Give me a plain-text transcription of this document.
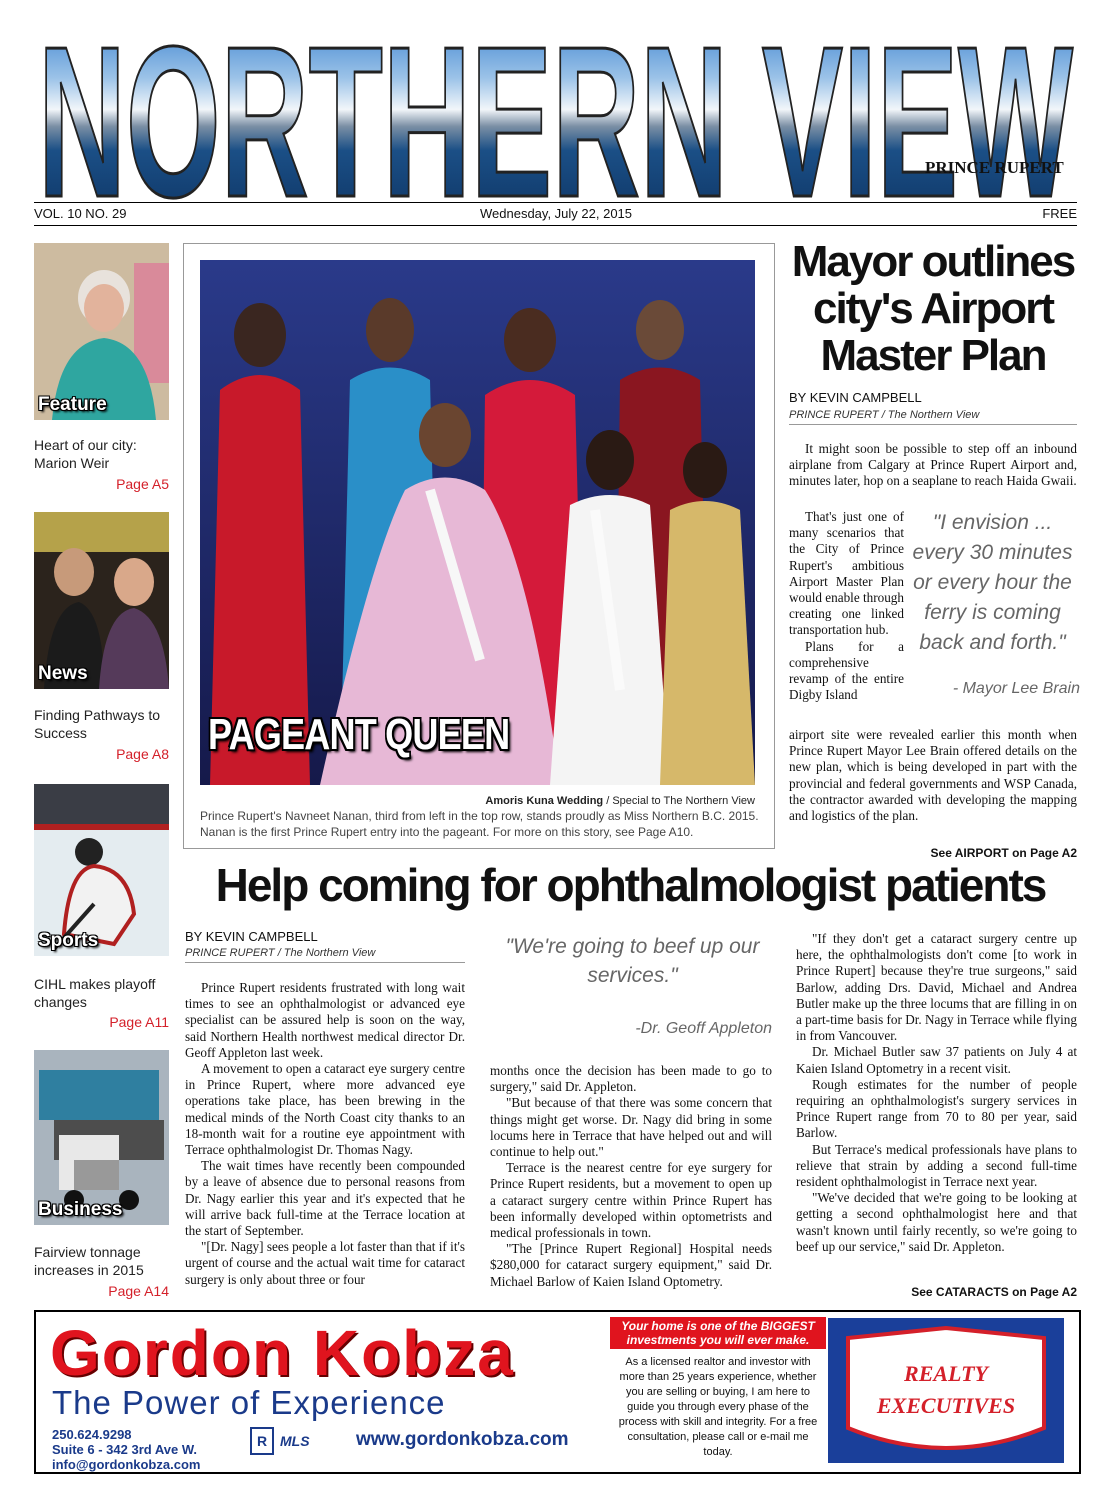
NORTHERN VIEW
PRINCE RUPERT
VOL. 10 NO. 29	Wednesday, July 22, 2015	FREE
Feature
Heart of our city: Marion Weir
Page A5
News
Finding Pathways to Success
Page A8
Sports
CIHL makes playoff changes
Page A11
Business
Fairview tonnage increases in 2015
Page A14
PAGEANT QUEEN
Amoris Kuna Wedding / Special to The Northern View
Prince Rupert's Navneet Nanan, third from left in the top row, stands proudly as Miss Northern B.C. 2015. Nanan is the first Prince Rupert entry into the pageant. For more on this story, see Page A10.
Mayor outlines city's Airport Master Plan
BY KEVIN CAMPBELL
PRINCE RUPERT / The Northern View

It might soon be possible to step off an inbound airplane from Calgary at Prince Rupert Airport and, minutes later, hop on a seaplane to reach Haida Gwaii.

That's just one of many scenarios that the City of Prince Rupert's ambitious Airport Master Plan would enable through creating one linked transportation hub.

Plans for a comprehensive revamp of the entire Digby Island

"I envision ... every 30 minutes or every hour the ferry is coming back and forth."
- Mayor Lee Brain

airport site were revealed earlier this month when Prince Rupert Mayor Lee Brain offered details on the new plan, which is being developed in part with the provincial and federal governments and WSP Canada, the contractor awarded with developing the mapping and logistics of the plan.

See AIRPORT on Page A2
Help coming for ophthalmologist patients
BY KEVIN CAMPBELL
PRINCE RUPERT / The Northern View

Prince Rupert residents frustrated with long wait times to see an ophthalmologist or advanced eye specialist can be assured help is soon on the way, said Northern Health northwest medical director Dr. Geoff Appleton last week.

A movement to open a cataract eye surgery centre in Prince Rupert, where more advanced eye operations take place, has been brewing in the medical minds of the North Coast city thanks to an 18-month wait for a routine eye appointment with Terrace ophthalmologist Dr. Thomas Nagy.

The wait times have recently been compounded by a leave of absence due to personal reasons from Dr. Nagy earlier this year and it's expected that he will arrive back full-time at the Terrace location at the start of September.

"[Dr. Nagy] sees people a lot faster than that if it's urgent of course and the actual wait time for cataract surgery is only about three or four

"We're going to beef up our services."
-Dr. Geoff Appleton

months once the decision has been made to go to surgery," said Dr. Appleton.

"But because of that there was some concern that things might get worse. Dr. Nagy did bring in some locums here in Terrace that have helped out and will continue to help out."

Terrace is the nearest centre for eye surgery for Prince Rupert residents, but a movement to open up a cataract surgery centre within Prince Rupert has been informally developed within optometrists and medical professionals in town.

"The [Prince Rupert Regional] Hospital needs $280,000 for cataract surgery equipment," said Dr. Michael Barlow of Kaien Island Optometry.

"If they don't get a cataract surgery centre up here, the ophthalmologists don't come [to work in Prince Rupert] because they're true surgeons," said Barlow, adding Drs. David, Michael and Andrea Butler make up the three locums that are filling in on a part-time basis for Dr. Nagy in Terrace while flying in from Vancouver.

Dr. Michael Butler saw 37 patients on July 4 at Kaien Island Optometry in a recent visit.

Rough estimates for the number of people requiring an ophthalmologist's surgery services in Prince Rupert range from 70 to 80 per year, said Barlow.

But Terrace's medical professionals have plans to relieve that strain by adding a second full-time resident ophthalmologist in Terrace next year.

"We've decided that we're going to be looking at getting a second ophthalmologist here and that wasn't known until fairly recently, so we're going to beef up our service," said Dr. Appleton.

See CATARACTS on Page A2
Gordon Kobza
The Power of Experience
250.624.9298
Suite 6 - 342 3rd Ave W.
info@gordonkobza.com
R MLS www.gordonkobza.com
Your home is one of the BIGGEST investments you will ever make.
As a licensed realtor and investor with more than 25 years experience, whether you are selling or buying, I am here to guide you through every phase of the process with skill and integrity. For a free consultation, please call or e-mail me today.
REALTY
EXECUTIVES
